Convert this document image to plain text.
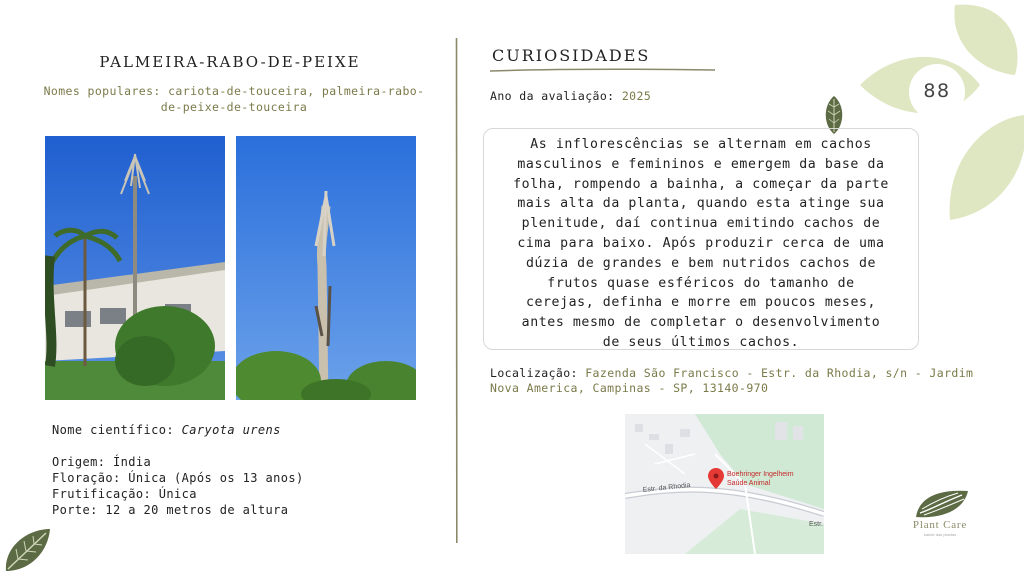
88
PALMEIRA-RABO-DE-PEIXE
Nomes populares: cariota-de-touceira, palmeira-rabo-de-peixe-de-touceira
Nome científico: Caryota urens
Origem: Índia
Floração: Única (Após os 13 anos)
Frutificação: Única
Porte: 12 a 20 metros de altura
CURIOSIDADES
Ano da avaliação: 2025
As inflorescências se alternam em cachos masculinos e femininos e emergem da base da folha, rompendo a bainha, a começar da parte mais alta da planta, quando esta atinge sua plenitude, daí continua emitindo cachos de cima para baixo. Após produzir cerca de uma dúzia de grandes e bem nutridos cachos de frutos quase esféricos do tamanho de cerejas, definha e morre em poucos meses, antes mesmo de completar o desenvolvimento de seus últimos cachos.
Localização: Fazenda São Francisco - Estr. da Rhodia, s/n - Jardim Nova America, Campinas - SP, 13140-970
Estr. da Rhodia
Estr.
Boehringer Ingelheim
Saúde Animal
Plant Care
saúde das plantas
